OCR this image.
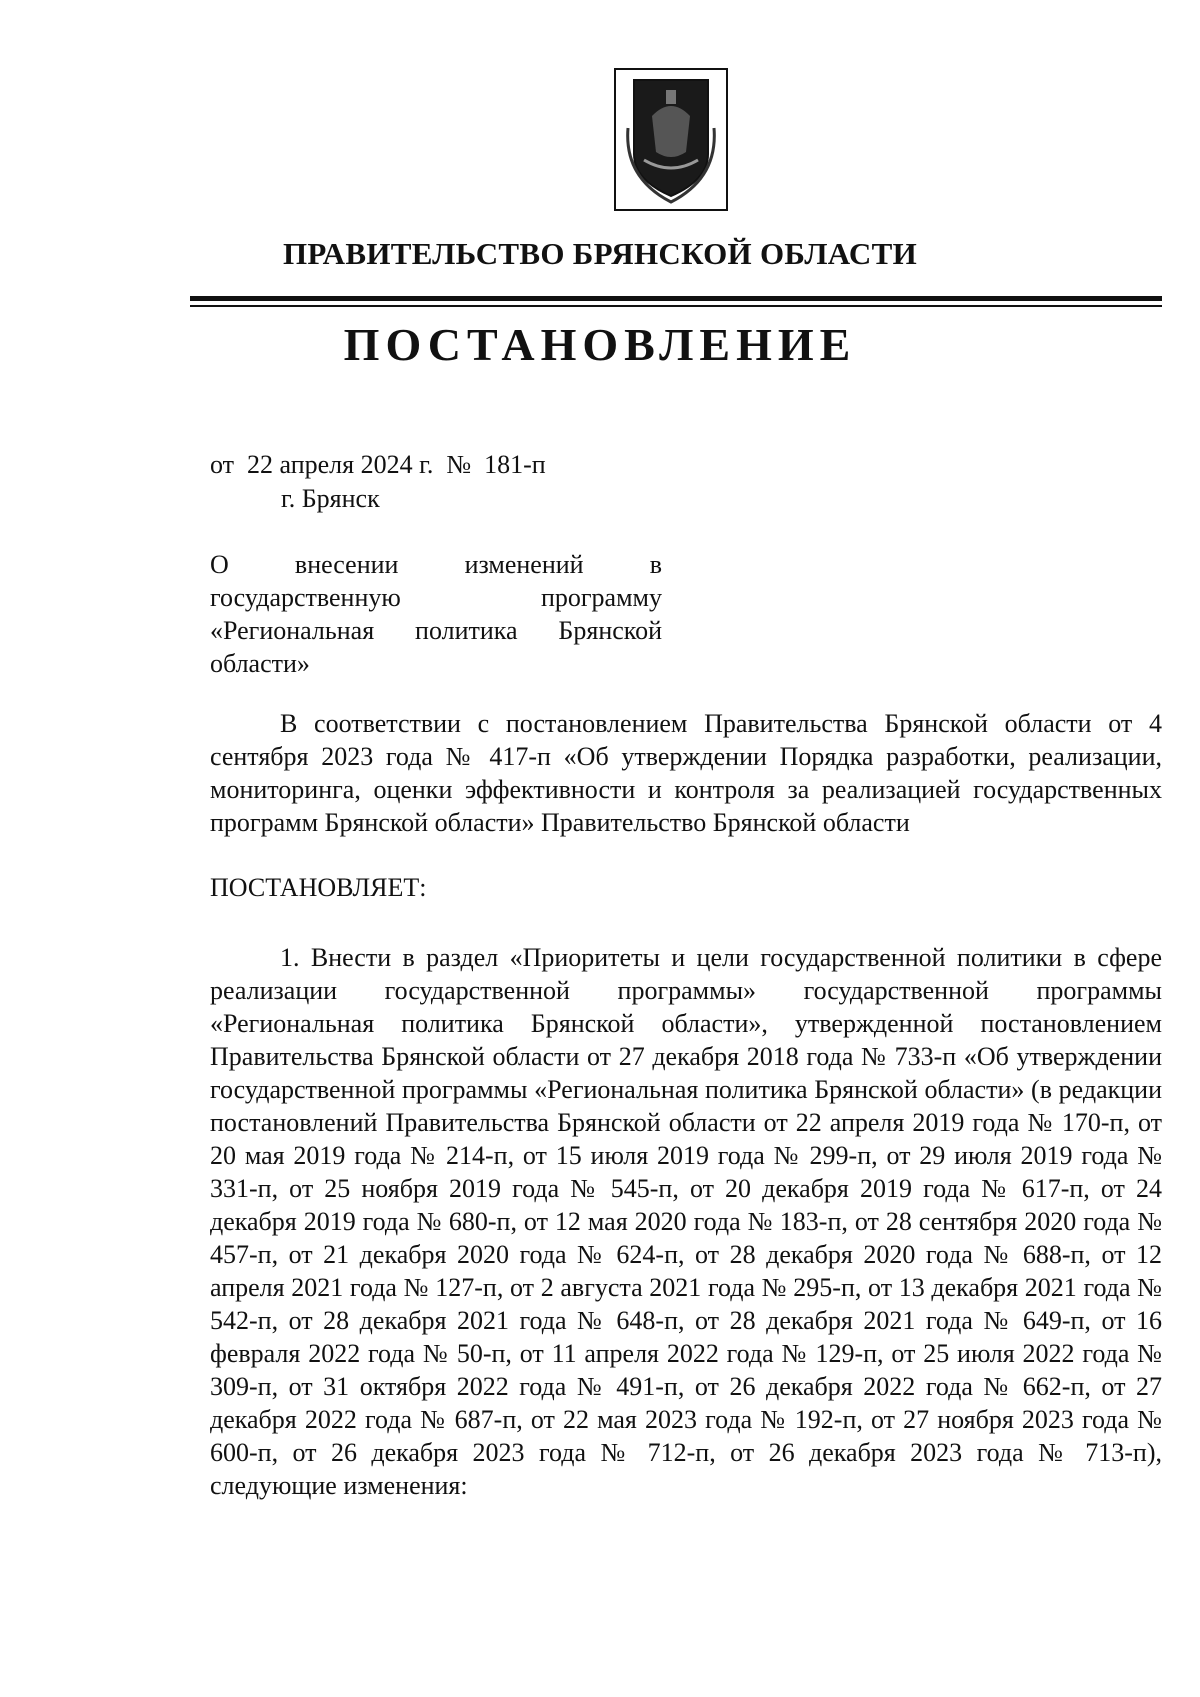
ПРАВИТЕЛЬСТВО БРЯНСКОЙ ОБЛАСТИ
ПОСТАНОВЛЕНИЕ
от  22 апреля 2024 г.  №  181-п
г. Брянск
О внесении изменений в государственную программу «Региональная политика Брянской области»
В соответствии с постановлением Правительства Брянской области от 4 сентября 2023 года № 417-п «Об утверждении Порядка разработки, реализации, мониторинга, оценки эффективности и контроля за реализацией государственных программ Брянской области» Правительство Брянской области
ПОСТАНОВЛЯЕТ:
1. Внести в раздел «Приоритеты и цели государственной политики в сфере реализации государственной программы» государственной программы «Региональная политика Брянской области», утвержденной постановлением Правительства Брянской области от 27 декабря 2018 года № 733-п «Об утверждении государственной программы «Региональная политика Брянской области» (в редакции постановлений Правительства Брянской области от 22 апреля 2019 года № 170-п, от 20 мая 2019 года № 214-п, от 15 июля 2019 года № 299-п, от 29 июля 2019 года № 331-п, от 25 ноября 2019 года № 545-п, от 20 декабря 2019 года № 617-п, от 24 декабря 2019 года № 680-п, от 12 мая 2020 года № 183-п, от 28 сентября 2020 года № 457-п, от 21 декабря 2020 года № 624-п, от 28 декабря 2020 года № 688-п, от 12 апреля 2021 года № 127-п, от 2 августа 2021 года № 295-п, от 13 декабря 2021 года № 542-п, от 28 декабря 2021 года № 648-п, от 28 декабря 2021 года № 649-п, от 16 февраля 2022 года № 50-п, от 11 апреля 2022 года № 129-п, от 25 июля 2022 года № 309-п, от 31 октября 2022 года № 491-п, от 26 декабря 2022 года № 662-п, от 27 декабря 2022 года № 687-п, от 22 мая 2023 года № 192-п, от 27 ноября 2023 года № 600-п, от 26 декабря 2023 года № 712-п, от 26 декабря 2023 года № 713-п), следующие изменения:
